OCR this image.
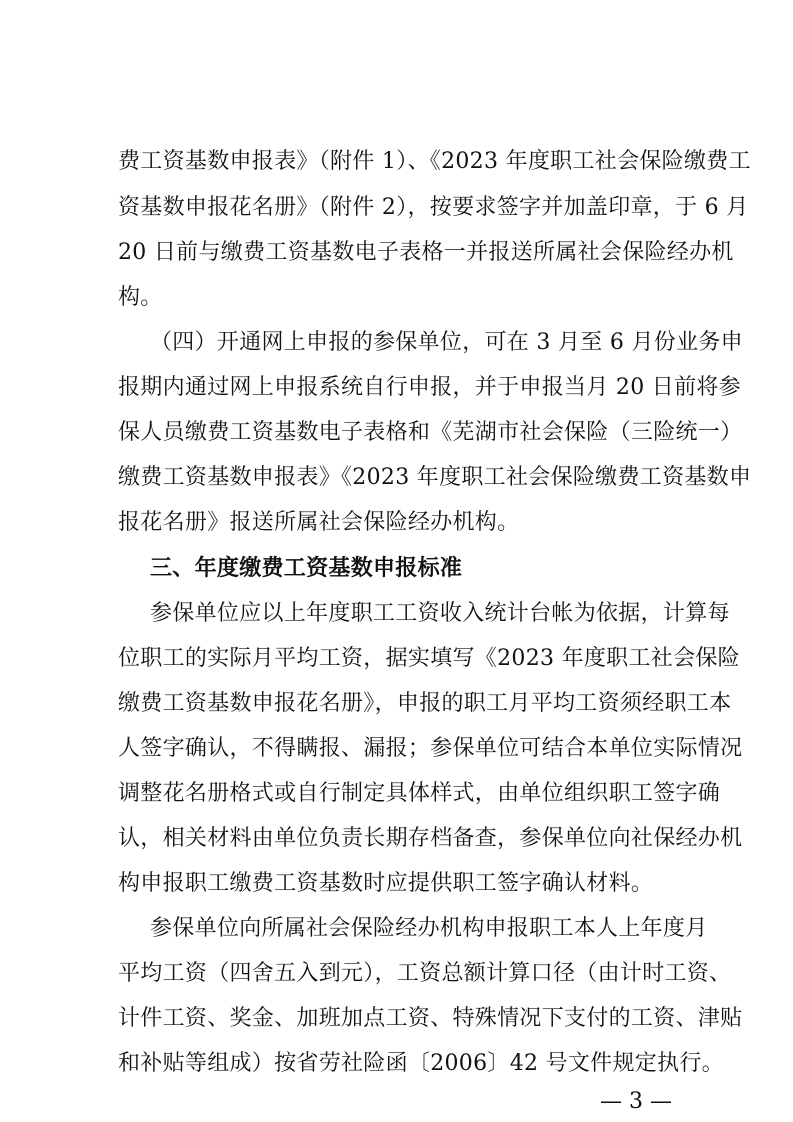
费工资基数申报表》（附件 1）、《2023 年度职工社会保险缴费工
资基数申报花名册》（附件 2），按要求签字并加盖印章，于 6 月
20 日前与缴费工资基数电子表格一并报送所属社会保险经办机
构。
（四）开通网上申报的参保单位，可在 3 月至 6 月份业务申
报期内通过网上申报系统自行申报，并于申报当月 20 日前将参
保人员缴费工资基数电子表格和《芜湖市社会保险（三险统一）
缴费工资基数申报表》《2023 年度职工社会保险缴费工资基数申
报花名册》报送所属社会保险经办机构。
三、年度缴费工资基数申报标准
参保单位应以上年度职工工资收入统计台帐为依据，计算每
位职工的实际月平均工资，据实填写《2023 年度职工社会保险
缴费工资基数申报花名册》，申报的职工月平均工资须经职工本
人签字确认，不得瞒报、漏报；参保单位可结合本单位实际情况
调整花名册格式或自行制定具体样式，由单位组织职工签字确
认，相关材料由单位负责长期存档备查，参保单位向社保经办机
构申报职工缴费工资基数时应提供职工签字确认材料。
参保单位向所属社会保险经办机构申报职工本人上年度月
平均工资（四舍五入到元），工资总额计算口径（由计时工资、
计件工资、奖金、加班加点工资、特殊情况下支付的工资、津贴
和补贴等组成）按省劳社险函〔2006〕42 号文件规定执行。
— 3 —
